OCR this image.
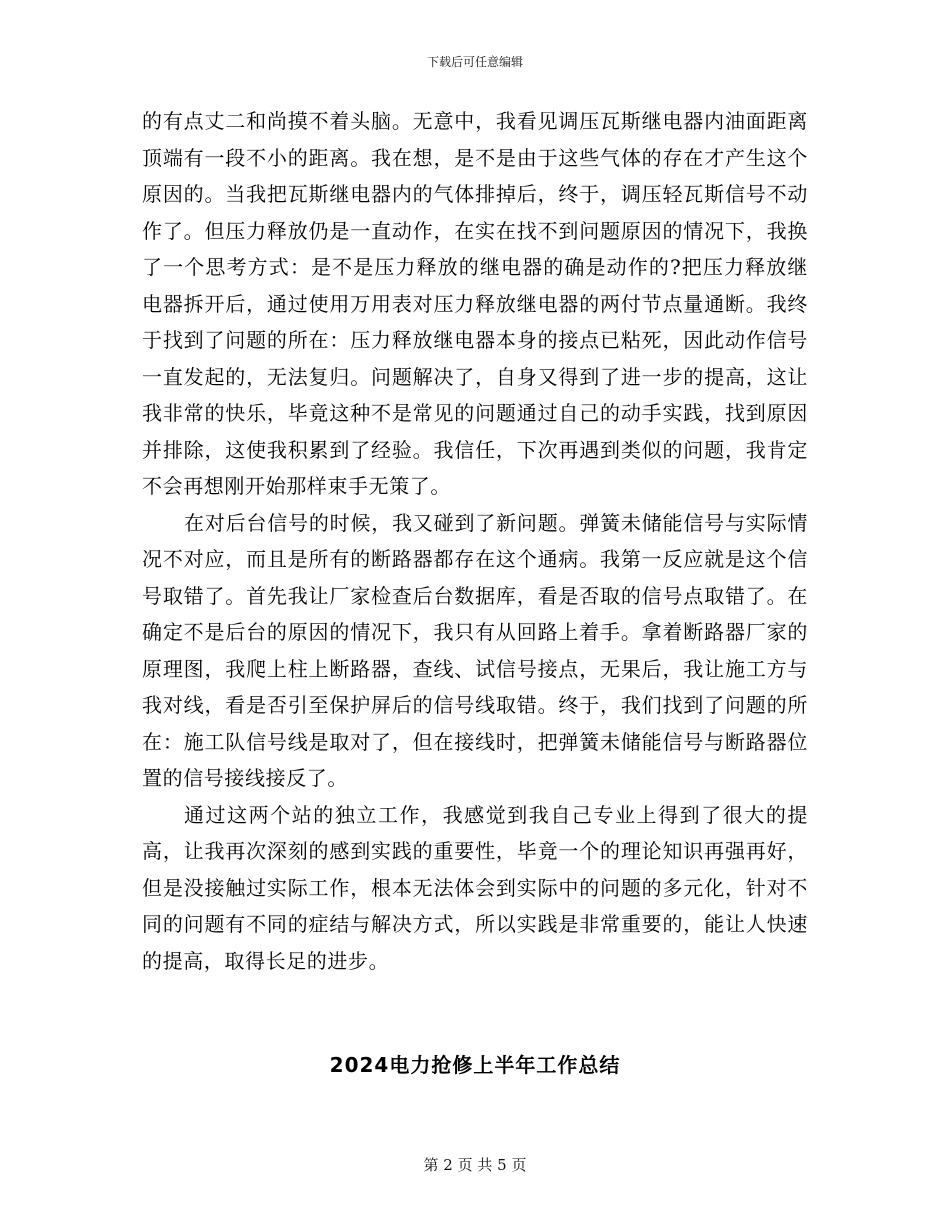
下载后可任意编辑

的有点丈二和尚摸不着头脑。无意中，我看见调压瓦斯继电器内油面距离顶端有一段不小的距离。我在想，是不是由于这些气体的存在才产生这个原因的。当我把瓦斯继电器内的气体排掉后，终于，调压轻瓦斯信号不动作了。但压力释放仍是一直动作，在实在找不到问题原因的情况下，我换了一个思考方式：是不是压力释放的继电器的确是动作的?把压力释放继电器拆开后，通过使用万用表对压力释放继电器的两付节点量通断。我终于找到了问题的所在：压力释放继电器本身的接点已粘死，因此动作信号一直发起的，无法复归。问题解决了，自身又得到了进一步的提高，这让我非常的快乐，毕竟这种不是常见的问题通过自己的动手实践，找到原因并排除，这使我积累到了经验。我信任，下次再遇到类似的问题，我肯定不会再想刚开始那样束手无策了。

在对后台信号的时候，我又碰到了新问题。弹簧未储能信号与实际情况不对应，而且是所有的断路器都存在这个通病。我第一反应就是这个信号取错了。首先我让厂家检查后台数据库，看是否取的信号点取错了。在确定不是后台的原因的情况下，我只有从回路上着手。拿着断路器厂家的原理图，我爬上柱上断路器，查线、试信号接点，无果后，我让施工方与我对线，看是否引至保护屏后的信号线取错。终于，我们找到了问题的所在：施工队信号线是取对了，但在接线时，把弹簧未储能信号与断路器位置的信号接线接反了。

通过这两个站的独立工作，我感觉到我自己专业上得到了很大的提高，让我再次深刻的感到实践的重要性，毕竟一个的理论知识再强再好，但是没接触过实际工作，根本无法体会到实际中的问题的多元化，针对不同的问题有不同的症结与解决方式，所以实践是非常重要的，能让人快速的提高，取得长足的进步。

2024电力抢修上半年工作总结
第 2 页 共 5 页
